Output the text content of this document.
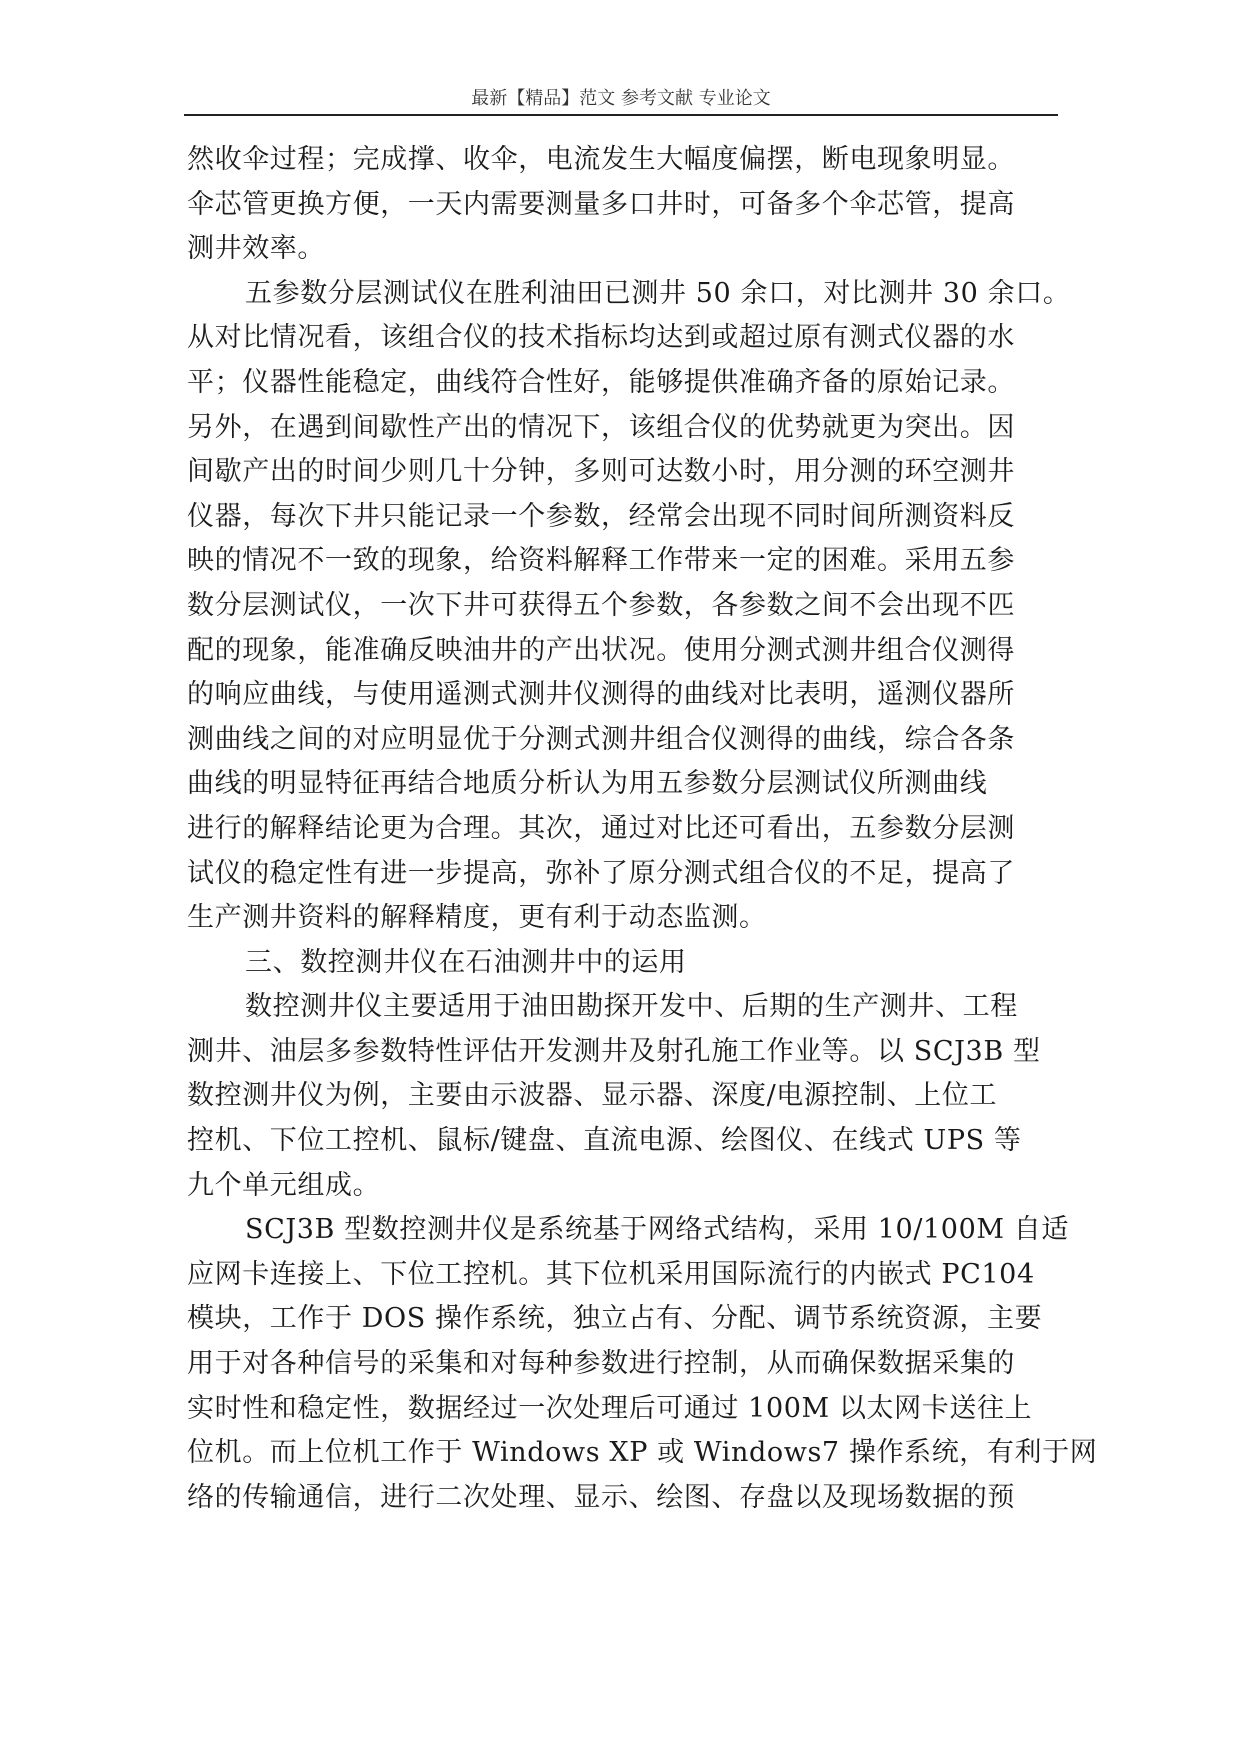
最新【精品】范文 参考文献 专业论文
然收伞过程；完成撑、收伞，电流发生大幅度偏摆，断电现象明显。
伞芯管更换方便，一天内需要测量多口井时，可备多个伞芯管，提高
测井效率。
五参数分层测试仪在胜利油田已测井 50 余口，对比测井 30 余口。
从对比情况看，该组合仪的技术指标均达到或超过原有测式仪器的水
平；仪器性能稳定，曲线符合性好，能够提供准确齐备的原始记录。
另外，在遇到间歇性产出的情况下，该组合仪的优势就更为突出。因
间歇产出的时间少则几十分钟，多则可达数小时，用分测的环空测井
仪器，每次下井只能记录一个参数，经常会出现不同时间所测资料反
映的情况不一致的现象，给资料解释工作带来一定的困难。采用五参
数分层测试仪，一次下井可获得五个参数，各参数之间不会出现不匹
配的现象，能准确反映油井的产出状况。使用分测式测井组合仪测得
的响应曲线，与使用遥测式测井仪测得的曲线对比表明，遥测仪器所
测曲线之间的对应明显优于分测式测井组合仪测得的曲线，综合各条
曲线的明显特征再结合地质分析认为用五参数分层测试仪所测曲线
进行的解释结论更为合理。其次，通过对比还可看出，五参数分层测
试仪的稳定性有进一步提高，弥补了原分测式组合仪的不足，提高了
生产测井资料的解释精度，更有利于动态监测。
三、数控测井仪在石油测井中的运用
数控测井仪主要适用于油田勘探开发中、后期的生产测井、工程
测井、油层多参数特性评估开发测井及射孔施工作业等。以 SCJ3B 型
数控测井仪为例，主要由示波器、显示器、深度/电源控制、上位工
控机、下位工控机、鼠标/键盘、直流电源、绘图仪、在线式 UPS 等
九个单元组成。
SCJ3B 型数控测井仪是系统基于网络式结构，采用 10/100M 自适
应网卡连接上、下位工控机。其下位机采用国际流行的内嵌式 PC104
模块，工作于 DOS 操作系统，独立占有、分配、调节系统资源，主要
用于对各种信号的采集和对每种参数进行控制，从而确保数据采集的
实时性和稳定性，数据经过一次处理后可通过 100M 以太网卡送往上
位机。而上位机工作于 Windows XP 或 Windows7 操作系统，有利于网
络的传输通信，进行二次处理、显示、绘图、存盘以及现场数据的预
